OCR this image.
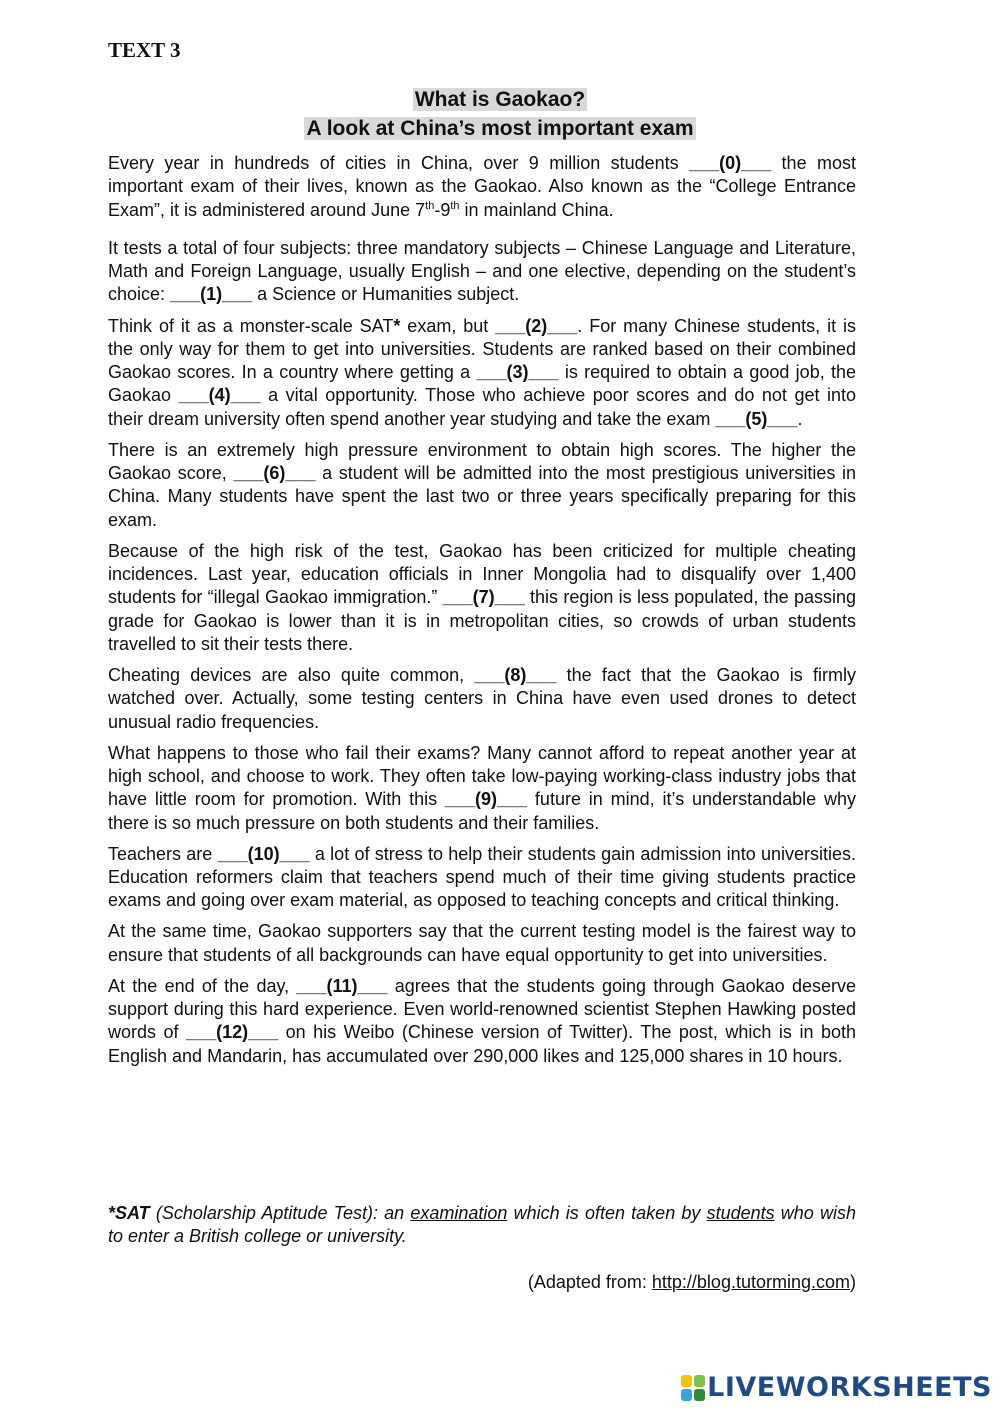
TEXT 3
What is Gaokao?
A look at China’s most important exam

Every year in hundreds of cities in China, over 9 million students ___(0)___ the most important exam of their lives, known as the Gaokao. Also known as the “College Entrance Exam”, it is administered around June 7th-9th in mainland China.

It tests a total of four subjects: three mandatory subjects – Chinese Language and Literature, Math and Foreign Language, usually English – and one elective, depending on the student’s choice: ___(1)___ a Science or Humanities subject.

Think of it as a monster-scale SAT* exam, but ___(2)___. For many Chinese students, it is the only way for them to get into universities. Students are ranked based on their combined Gaokao scores. In a country where getting a ___(3)___ is required to obtain a good job, the Gaokao ___(4)___ a vital opportunity. Those who achieve poor scores and do not get into their dream university often spend another year studying and take the exam ___(5)___.

There is an extremely high pressure environment to obtain high scores. The higher the Gaokao score, ___(6)___ a student will be admitted into the most prestigious universities in China. Many students have spent the last two or three years specifically preparing for this exam.

Because of the high risk of the test, Gaokao has been criticized for multiple cheating incidences. Last year, education officials in Inner Mongolia had to disqualify over 1,400 students for “illegal Gaokao immigration.” ___(7)___ this region is less populated, the passing grade for Gaokao is lower than it is in metropolitan cities, so crowds of urban students travelled to sit their tests there.

Cheating devices are also quite common, ___(8)___ the fact that the Gaokao is firmly watched over. Actually, some testing centers in China have even used drones to detect unusual radio frequencies.

What happens to those who fail their exams? Many cannot afford to repeat another year at high school, and choose to work. They often take low-paying working-class industry jobs that have little room for promotion. With this ___(9)___ future in mind, it’s understandable why there is so much pressure on both students and their families.

Teachers are ___(10)___ a lot of stress to help their students gain admission into universities. Education reformers claim that teachers spend much of their time giving students practice exams and going over exam material, as opposed to teaching concepts and critical thinking.

At the same time, Gaokao supporters say that the current testing model is the fairest way to ensure that students of all backgrounds can have equal opportunity to get into universities.

At the end of the day, ___(11)___ agrees that the students going through Gaokao deserve support during this hard experience. Even world-renowned scientist Stephen Hawking posted words of ___(12)___ on his Weibo (Chinese version of Twitter). The post, which is in both English and Mandarin, has accumulated over 290,000 likes and 125,000 shares in 10 hours.

*SAT (Scholarship Aptitude Test): an examination which is often taken by students who wish to enter a British college or university.
(Adapted from: http://blog.tutorming.com)
LIVEWORKSHEETS
